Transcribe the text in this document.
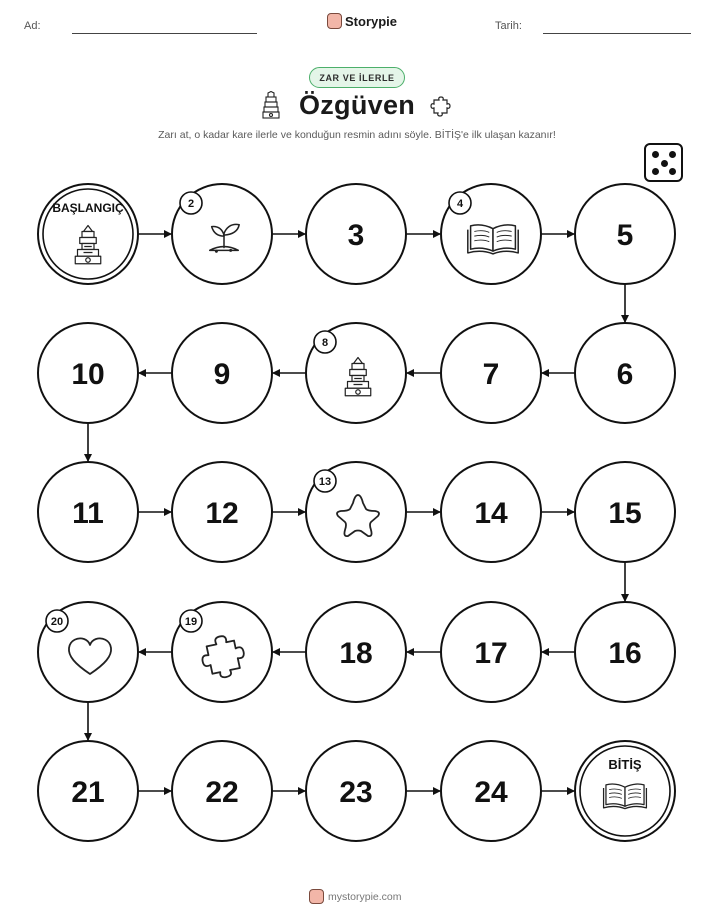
Ad:	Storypie	Tarih:
ZAR VE İLERLE
Özgüven
Zarı at, o kadar kare ilerle ve konduğun resmin adını söyle. BİTİŞ'e ilk ulaşan kazanır!
BAŞLANGIÇ	2
3
4
5
6
7
8
9
10
11	12
13
14	15
16
17
18
19
20
21	22	23	24
BİTİŞ
mystorypie.com
